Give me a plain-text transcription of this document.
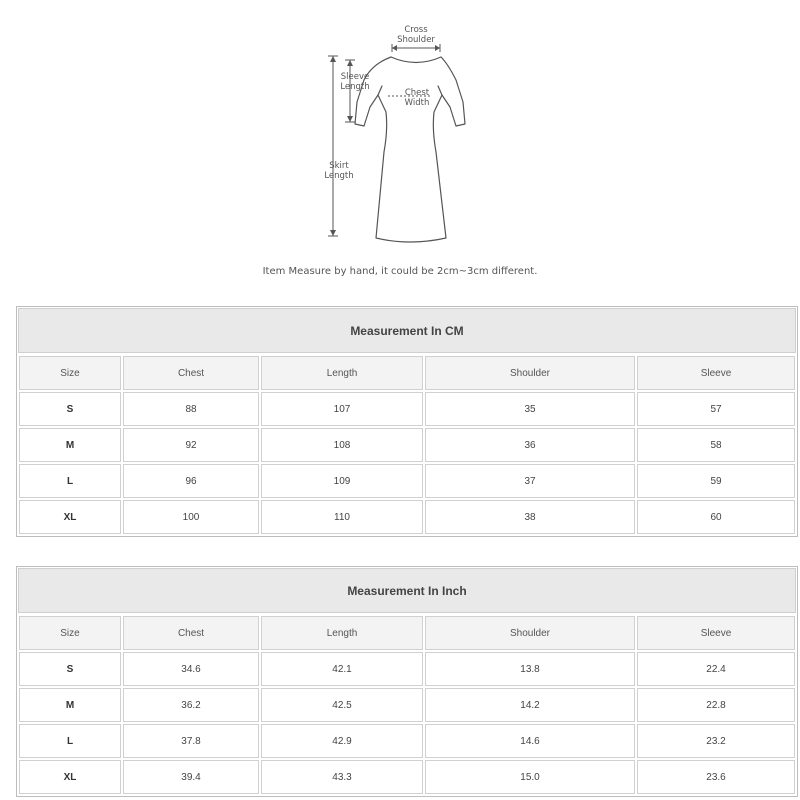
Cross
Shoulder
Sleeve
Length
Chest
Width
Skirt
Length
Item Measure by hand, it could be 2cm~3cm different.
Measurement In CM
Size	Chest	Length	Shoulder	Sleeve
S	88	107	35	57
M	92	108	36	58
L	96	109	37	59
XL	100	110	38	60
Measurement In Inch
Size	Chest	Length	Shoulder	Sleeve
S	34.6	42.1	13.8	22.4
M	36.2	42.5	14.2	22.8
L	37.8	42.9	14.6	23.2
XL	39.4	43.3	15.0	23.6
